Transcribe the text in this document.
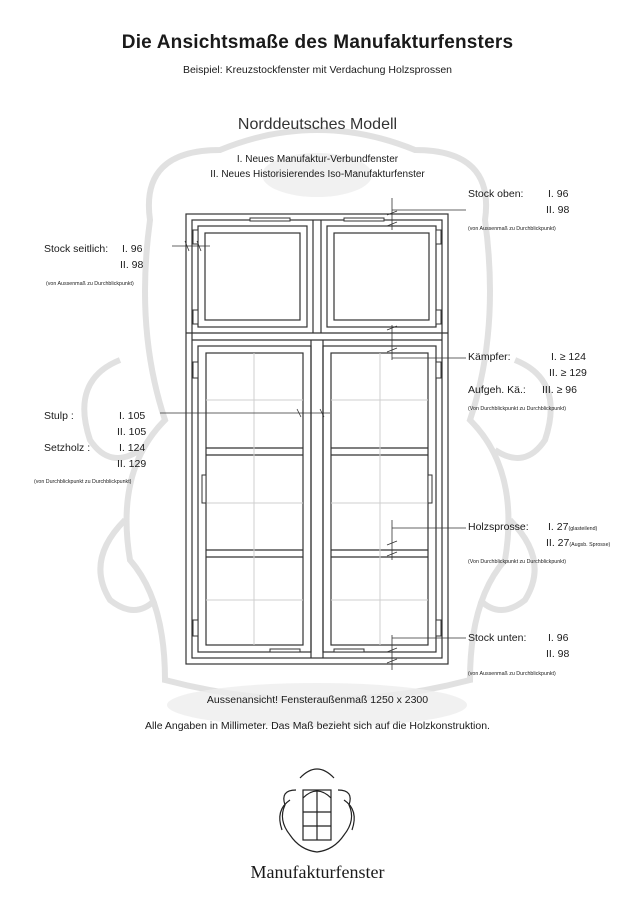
Die Ansichtsmaße des Manufakturfensters
Beispiel: Kreuzstockfenster mit Verdachung Holzsprossen
Norddeutsches Modell
I. Neues Manufaktur-Verbundfenster
II. Neues Historisierendes Iso-Manufakturfenster
Stock oben: I. 96
II. 98
(von Aussenmaß zu Durchblickpunkt)
Stock seitlich: I. 96
II. 98
(von Aussenmaß zu Durchblickpunkt)
Kämpfer:	I. ≥ 124
II. ≥ 129
Aufgeh. Kä.: III. ≥ 96
(Von Durchblickpunkt zu Durchblickpunkt)
Stulp :	I. 105
II. 105
Setzholz :	I. 124
II. 129
(von Durchblickpunkt zu Durchblickpunkt)
Holzsprosse: I. 27(glasteilend)
II. 27(Augsb. Sprosse)
(Von Durchblickpunkt zu Durchblickpunkt)
Stock unten: I. 96
II. 98
(von Aussenmaß zu Durchblickpunkt)
Aussenansicht! Fensteraußenmaß 1250 x 2300
Alle Angaben in Millimeter. Das Maß bezieht sich auf die Holzkonstruktion.
Manufakturfenster
